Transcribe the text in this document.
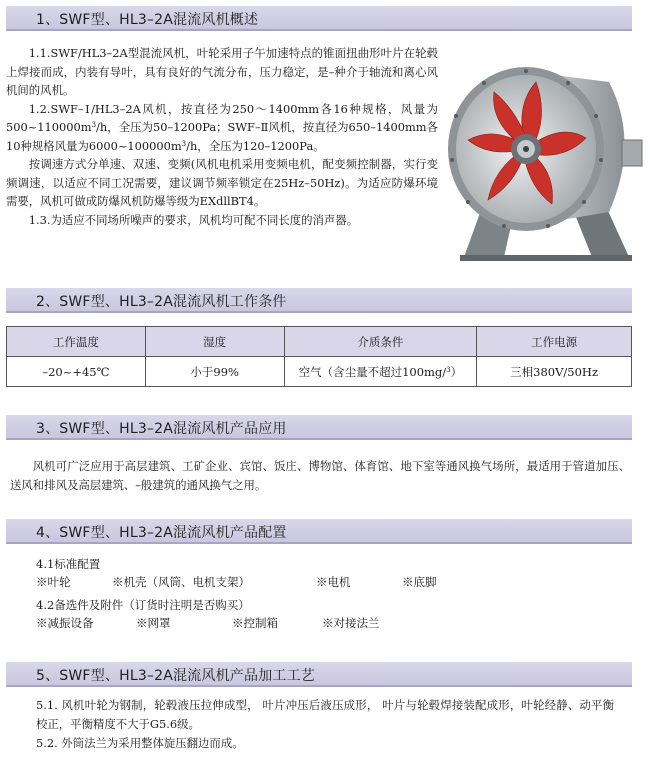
1、SWF型、HL3–2A混流风机概述

1.1.SWF/HL3–2A型混流风机，叶轮采用子午加速特点的锥面扭曲形叶片在轮毂上焊接而成，内装有导叶，具有良好的气流分布，压力稳定，是–种介于轴流和离心风机间的风机。

1.2.SWF–Ⅰ/HL3–2A风机，按直径为250～1400mm各16种规格，风量为$500\sim 110000m^3/h$，全压为50–1200Pa；SWF–Ⅱ风机，按直径为650–1400mm各10种规格风量为$6000\sim 100000m^3/h$，全压为120–1200Pa。

按调速方式分单速、双速、变频(风机电机采用变频电机，配变频控制器，实行变频调速，以适应不同工况需要，建议调节频率锁定在25Hz–50Hz)。为适应防爆环境需要，风机可做成防爆风机防爆等级为EXdllBT4。

1.3.为适应不同场所噪声的要求，风机均可配不同长度的消声器。

2、SWF型、HL3–2A混流风机工作条件
工作温度	湿度	介质条件	工作电源
–20~+45℃	小于99%	空气（含尘量不超过100mg/$^3$）	三相380V/50Hz
3、SWF型、HL3–2A混流风机产品应用

风机可广泛应用于高层建筑、工矿企业、宾馆、饭庄、博物馆、体育馆、地下室等通风换气场所，最适用于管道加压、送风和排风及高层建筑、–般建筑的通风换气之用。

4、SWF型、HL3–2A混流风机产品配置
4.1标准配置
※叶轮	※机壳（风筒、电机支架）	※电机	※底脚
4.2备选件及附件（订货时注明是否购买）
※减振设备	※网罩	※控制箱	※对接法兰
5、SWF型、HL3–2A混流风机产品加工工艺

5.1. 风机叶轮为钢制，轮毂液压拉伸成型， 叶片冲压后液压成形， 叶片与轮毂焊接装配成形，叶轮经静、动平衡校正，平衡精度不大于G5.6级。

5.2. 外筒法兰为采用整体旋压翻边而成。
